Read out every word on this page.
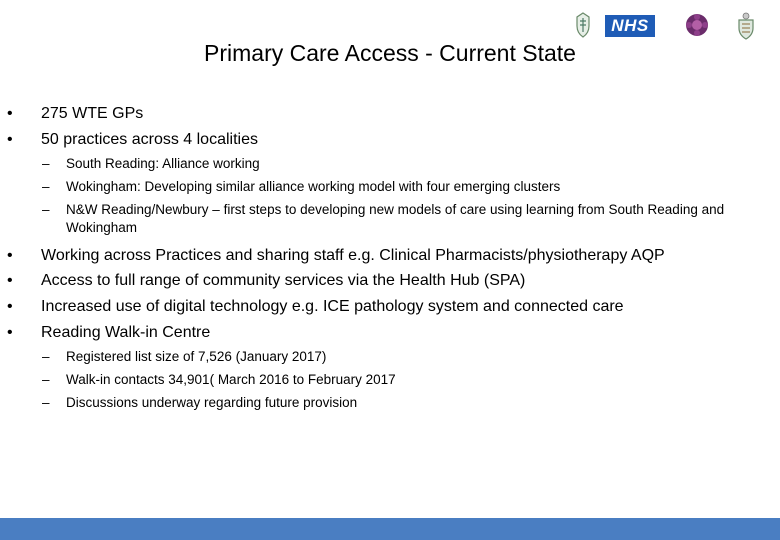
NHS
Primary Care Access - Current State
•	275 WTE GPs
•	50 practices across 4 localities
–	South Reading: Alliance working
–	Wokingham: Developing similar alliance working model with four emerging clusters
–	N&W Reading/Newbury – first steps to developing new models of care using learning from South Reading and Wokingham
•	Working across Practices and sharing staff e.g. Clinical Pharmacists/physiotherapy AQP
•	Access to full range of community services via the Health Hub (SPA)
•	Increased use of digital technology e.g. ICE pathology system and connected care
•	Reading Walk-in Centre
–	Registered list size of 7,526 (January 2017)
–	Walk-in contacts 34,901( March 2016 to February 2017
–	Discussions underway regarding future provision
